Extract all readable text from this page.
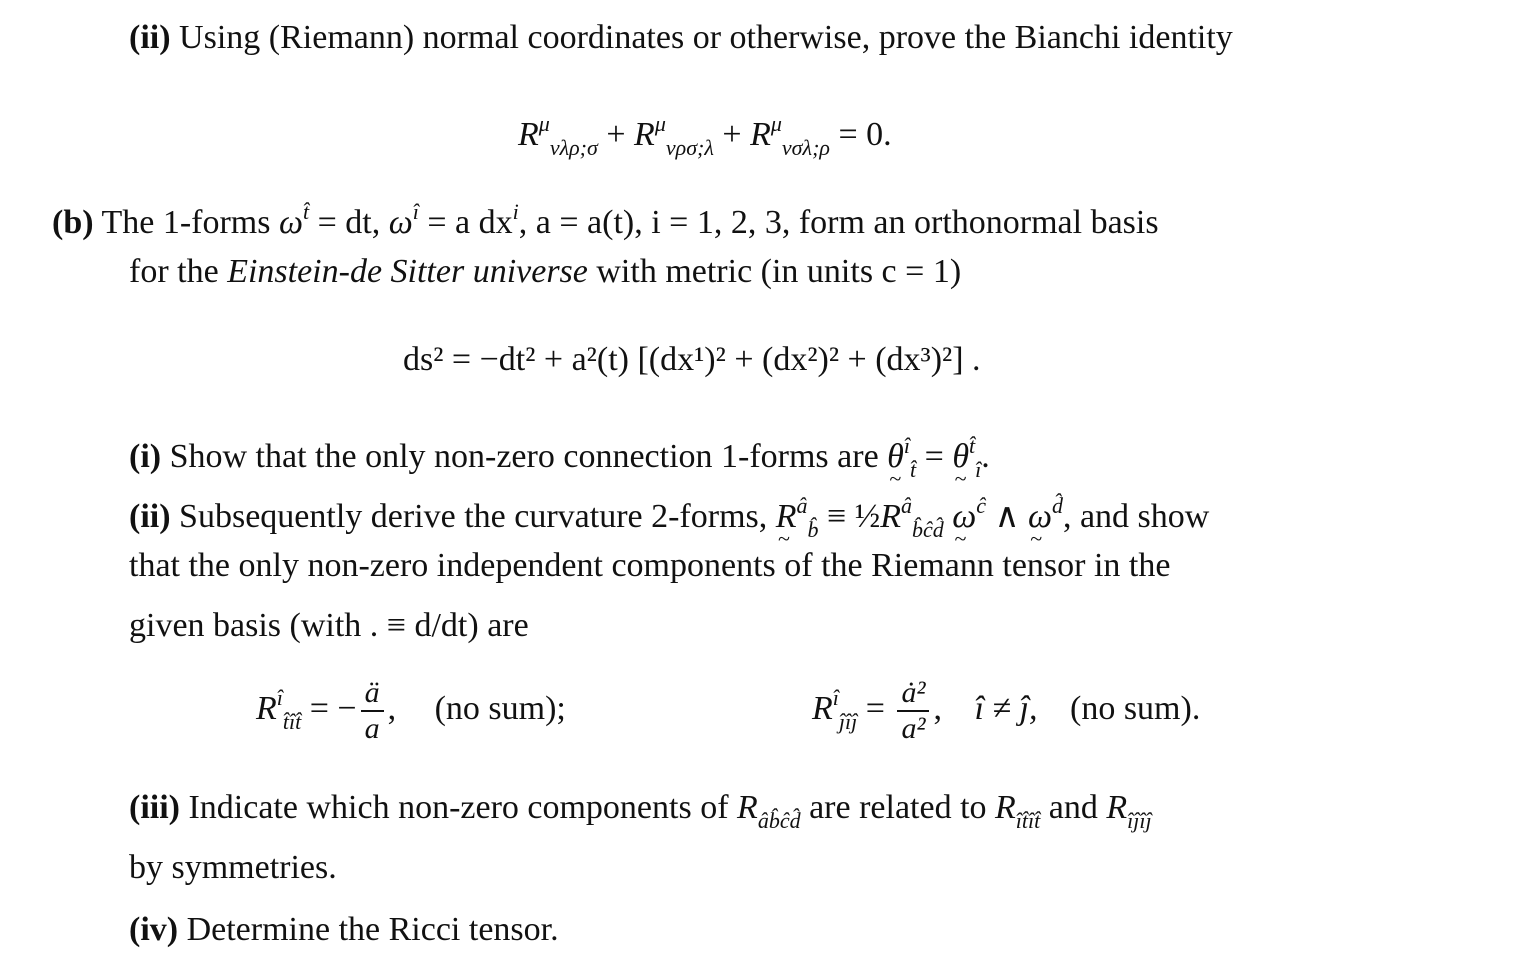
(ii) Using (Riemann) normal coordinates or otherwise, prove the Bianchi identity
$R^\mu_{\nu\lambda\rho;\sigma} + R^\mu_{\nu\rho\sigma;\lambda} + R^\mu_{\nu\sigma\lambda;\rho} = 0$.
(b) The 1-forms $\omega^{t̂}$ = dt, $\omega^î = a$ $dx^i$, a = a(t), i = 1, 2, 3, form an orthonormal basis
for the Einstein-de Sitter universe with metric (in units c = 1)
ds² = −dt² + a²(t) [(dx¹)² + (dx²)² + (dx³)²] .
(i) Show that the only non-zero connection 1-forms are θ ~$^î_{t̂}$ = θ ~$^{t̂}_î$.
(ii) Subsequently derive the curvature 2-forms, R ~$^â_{b̂}$ ≡ $\frac{1}{2}R^â_{b̂ĉd̂}$ ω ~$^ĉ$ ∧ ω ~$^{d̂}$, and show
that the only non-zero independent components of the Riemann tensor in the
given basis (with . ≡ d/dt) are
$R^î_{t̂ît̂}$ = − $\frac{ä}{a}$ , (no sum);	$R^î_{ĵîĵ} = \frac{\text{ȧ²}}{\text{a²}}$ , î ≠ ĵ, (no sum).
(iii) Indicate which non-zero components of $R_{âb̂ĉd̂}$ are related to $R_{ît̂ît̂}$ and $R_{îĵîĵ}$
by symmetries.
(iv) Determine the Ricci tensor.
